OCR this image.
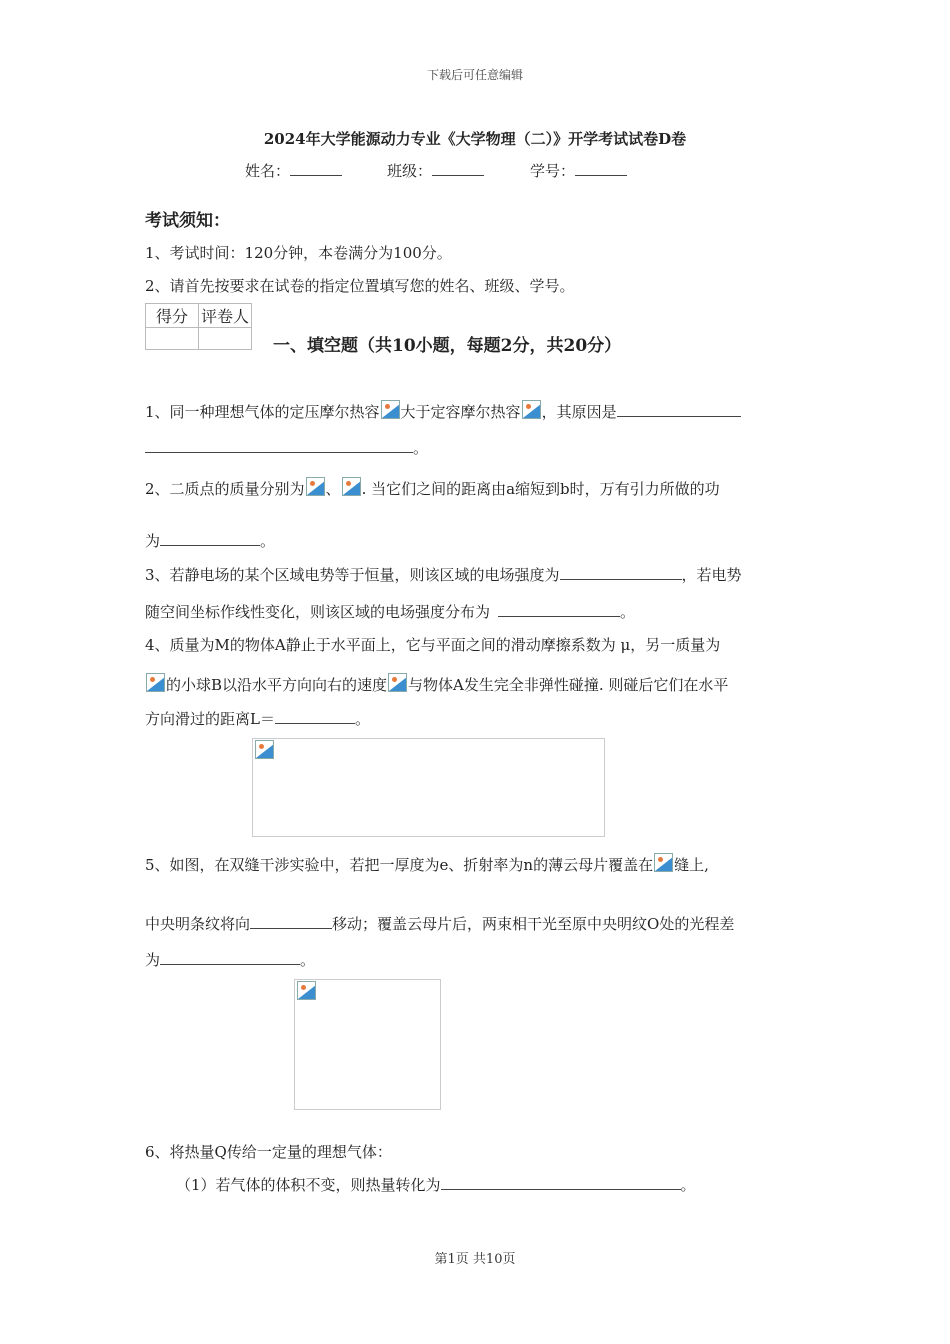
下载后可任意编辑
2024年大学能源动力专业《大学物理（二）》开学考试试卷D卷
姓名：	班级：	学号：
考试须知：
1、考试时间：120分钟，本卷满分为100分。
2、请首先按要求在试卷的指定位置填写您的姓名、班级、学号。
得分	评卷人

一、填空题（共10小题，每题2分，共20分）
1、同一种理想气体的定压摩尔热容 大于定容摩尔热容 ，其原因是
。
2、二质点的质量分别为 、 . 当它们之间的距离由a缩短到b时，万有引力所做的功
为	。
3、若静电场的某个区域电势等于恒量，则该区域的电场强度为	，若电势
随空间坐标作线性变化，则该区域的电场强度分布为	。
4、质量为M的物体A静止于水平面上，它与平面之间的滑动摩擦系数为 μ，另一质量为
的小球B以沿水平方向向右的速度 与物体A发生完全非弹性碰撞. 则碰后它们在水平
方向滑过的距离L＝	。
5、如图，在双缝干涉实验中，若把一厚度为e、折射率为n的薄云母片覆盖在 缝上,
中央明条纹将向	移动；覆盖云母片后，两束相干光至原中央明纹O处的光程差
为	。
6、将热量Q传给一定量的理想气体：
（1）若气体的体积不变，则热量转化为	。
第1页 共10页
